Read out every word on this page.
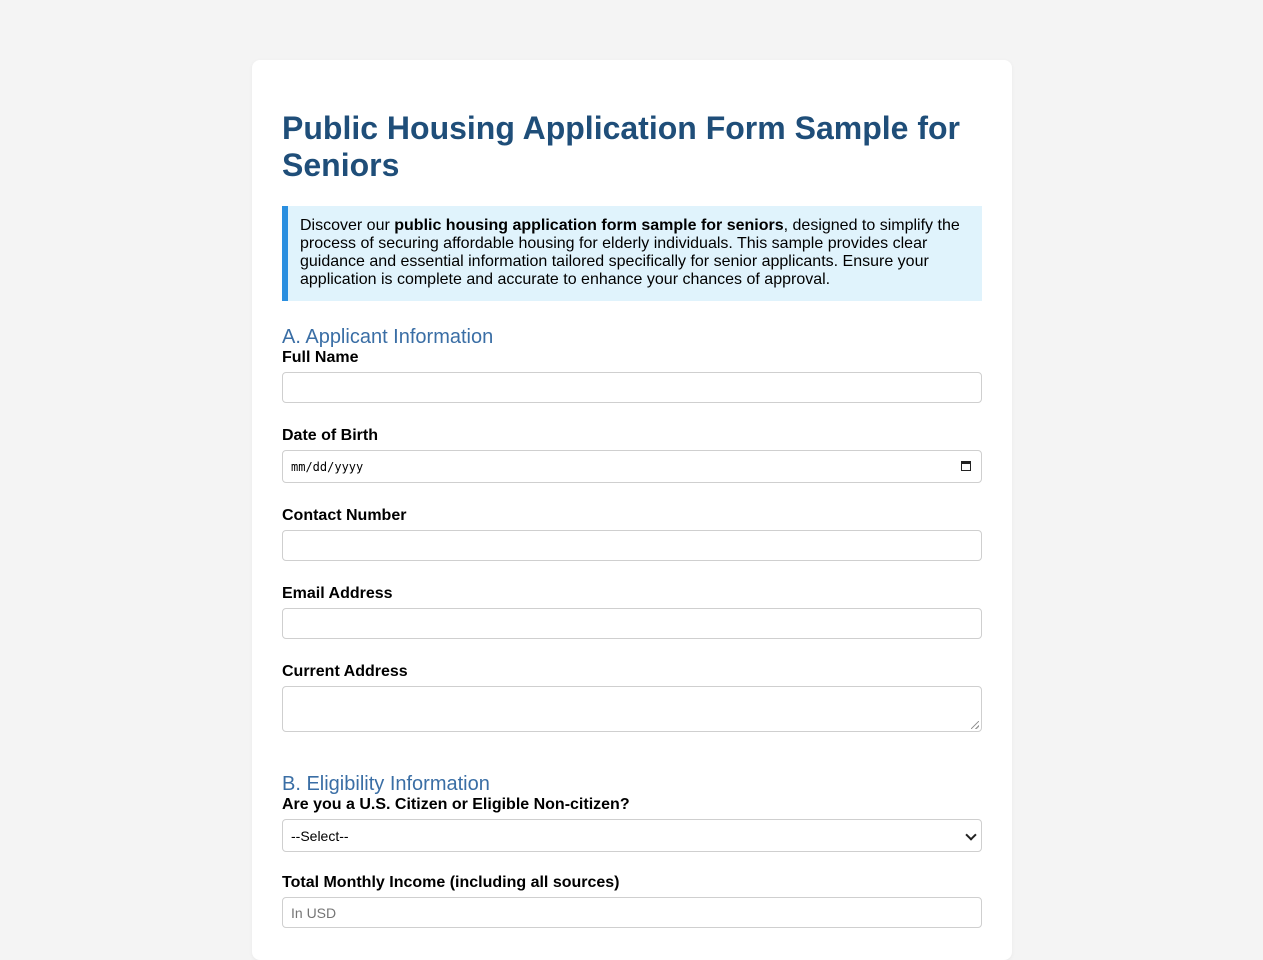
Public Housing Application Form Sample for Seniors
Discover our public housing application form sample for seniors, designed to simplify the process of securing affordable housing for elderly individuals. This sample provides clear guidance and essential information tailored specifically for senior applicants. Ensure your application is complete and accurate to enhance your chances of approval.
A. Applicant Information
Full Name
Date of Birth
mm/dd/yyyy
Contact Number
Email Address
Current Address
B. Eligibility Information
Are you a U.S. Citizen or Eligible Non-citizen?
--Select--
Total Monthly Income (including all sources)
In USD
